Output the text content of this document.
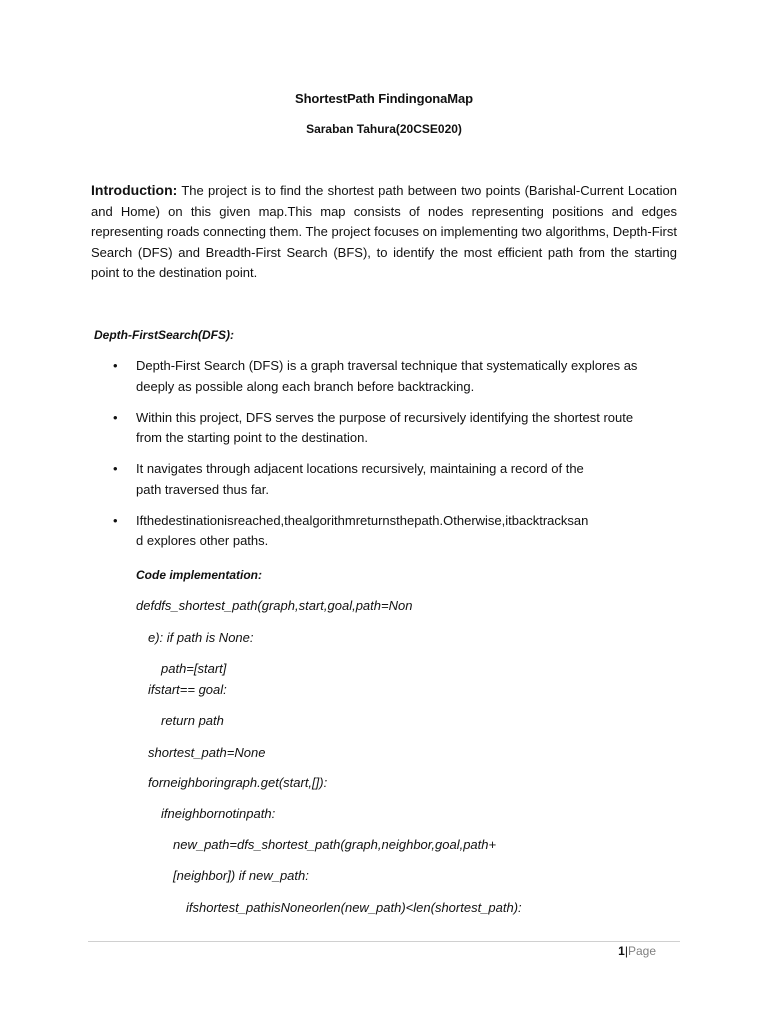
ShortestPath FindingonaMap
Saraban Tahura(20CSE020)

Introduction: The project is to find the shortest path between two points (Barishal-Current Location and Home) on this given map.This map consists of nodes representing positions and edges representing roads connecting them. The project focuses on implementing two algorithms, Depth-First Search (DFS) and Breadth-First Search (BFS), to identify the most efficient path from the starting point to the destination point.

Depth-FirstSearch(DFS):
• Depth-First Search (DFS) is a graph traversal technique that systematically explores as
deeply as possible along each branch before backtracking.
• Within this project, DFS serves the purpose of recursively identifying the shortest route
from the starting point to the destination.
• It navigates through adjacent locations recursively, maintaining a record of the
path traversed thus far.
• Ifthedestinationisreached,thealgorithmreturnsthepath.Otherwise,itbacktracksan
d explores other paths.
Code implementation:
defdfs_shortest_path(graph,start,goal,path=Non
e): if path is None:
path=[start]
ifstart== goal:
return path
shortest_path=None
forneighboringraph.get(start,[]):
ifneighbornotinpath:
new_path=dfs_shortest_path(graph,neighbor,goal,path+
[neighbor]) if new_path:
ifshortest_pathisNoneorlen(new_path)<len(shortest_path):
1|Page
